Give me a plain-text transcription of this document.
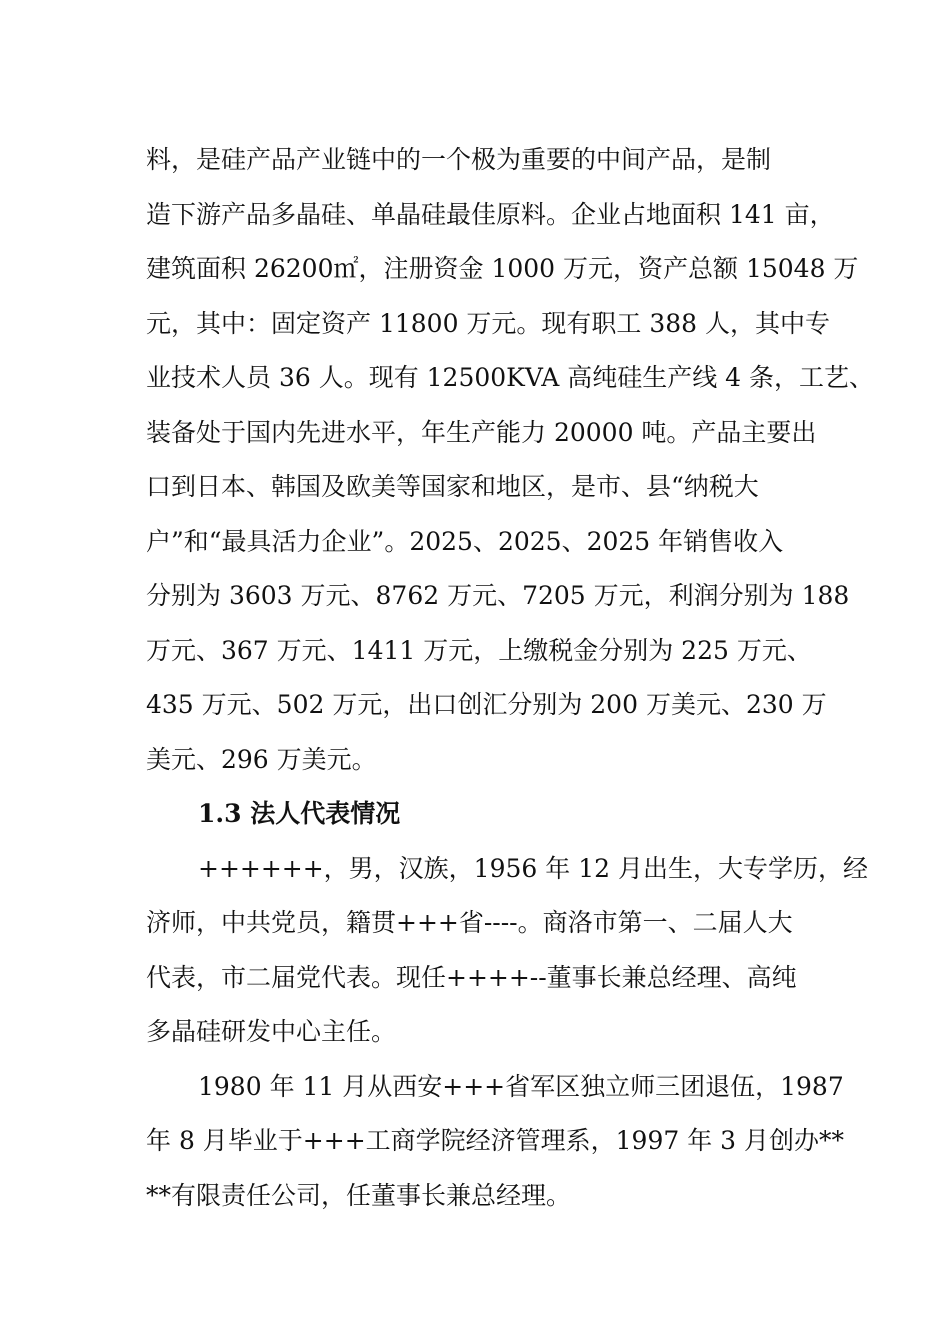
料，是硅产品产业链中的一个极为重要的中间产品，是制
造下游产品多晶硅、单晶硅最佳原料。企业占地面积 141 亩，
建筑面积 26200㎡，注册资金 1000 万元，资产总额 15048 万
元，其中：固定资产 11800 万元。现有职工 388 人，其中专
业技术人员 36 人。现有 12500KVA 高纯硅生产线 4 条，工艺、
装备处于国内先进水平，年生产能力 20000 吨。产品主要出
口到日本、韩国及欧美等国家和地区，是市、县“纳税大
户”和“最具活力企业”。2025、2025、2025 年销售收入
分别为 3603 万元、8762 万元、7205 万元，利润分别为 188
万元、367 万元、1411 万元，上缴税金分别为 225 万元、
435 万元、502 万元，出口创汇分别为 200 万美元、230 万
美元、296 万美元。
1.3 法人代表情况
++++++，男，汉族，1956 年 12 月出生，大专学历，经
济师，中共党员，籍贯+++省----。商洛市第一、二届人大
代表，市二届党代表。现任++++--董事长兼总经理、高纯
多晶硅研发中心主任。
1980 年 11 月从西安+++省军区独立师三团退伍，1987
年 8 月毕业于+++工商学院经济管理系，1997 年 3 月创办**
**有限责任公司，任董事长兼总经理。
